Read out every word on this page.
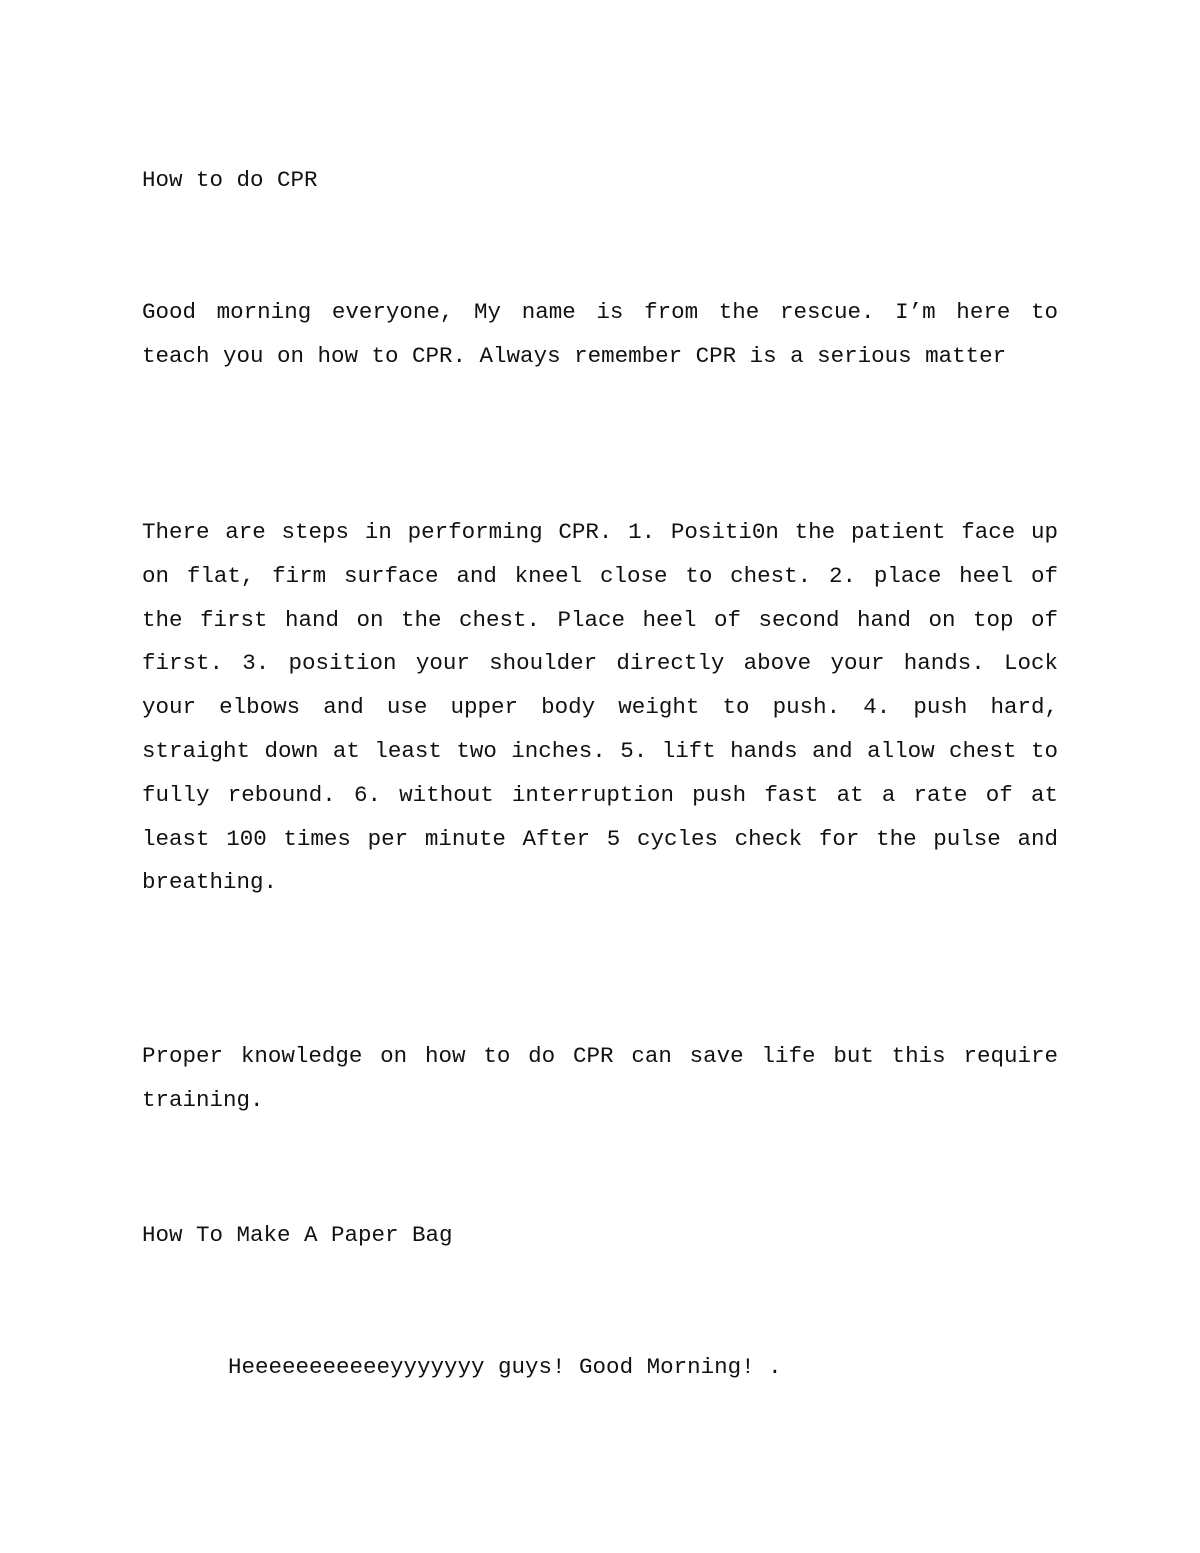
How to do CPR

Good morning everyone, My name is from the rescue. I’m here to teach you on how to CPR. Always remember CPR is a serious matter

There are steps in performing CPR. 1. Positi0n the patient face up on flat, firm surface and kneel close to chest. 2. place heel of the first hand on the chest. Place heel of second hand on top of first. 3. position your shoulder directly above your hands. Lock your elbows and use upper body weight to push. 4. push hard, straight down at least two inches. 5. lift hands and allow chest to fully rebound. 6. without interruption push fast at a rate of at least 100 times per minute After 5 cycles check for the pulse and breathing.

Proper knowledge on how to do CPR can save life but this require training.

How To Make A Paper Bag

Heeeeeeeeeeeyyyyyyy guys! Good Morning! .
